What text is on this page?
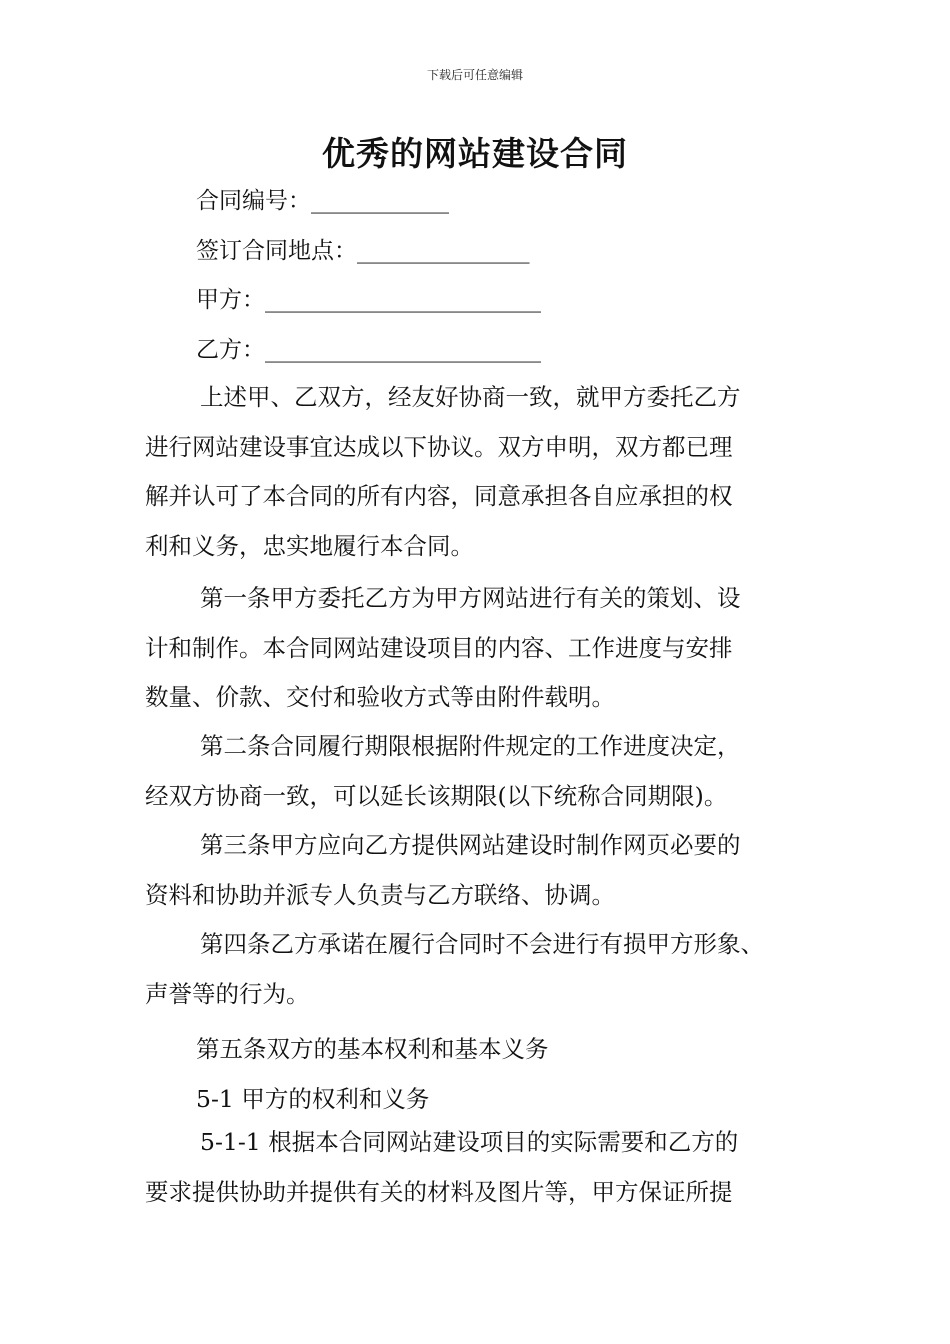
下载后可任意编辑
优秀的网站建设合同
合同编号：____________
签订合同地点：_______________
甲方：________________________
乙方：________________________
上述甲、乙双方，经友好协商一致，就甲方委托乙方
进行网站建设事宜达成以下协议。双方申明，双方都已理
解并认可了本合同的所有内容，同意承担各自应承担的权
利和义务，忠实地履行本合同。
第一条甲方委托乙方为甲方网站进行有关的策划、设
计和制作。本合同网站建设项目的内容、工作进度与安排
数量、价款、交付和验收方式等由附件载明。
第二条合同履行期限根据附件规定的工作进度决定，
经双方协商一致，可以延长该期限(以下统称合同期限)。
第三条甲方应向乙方提供网站建设时制作网页必要的
资料和协助并派专人负责与乙方联络、协调。
第四条乙方承诺在履行合同时不会进行有损甲方形象、
声誉等的行为。
第五条双方的基本权利和基本义务
5-1 甲方的权利和义务
5-1-1 根据本合同网站建设项目的实际需要和乙方的
要求提供协助并提供有关的材料及图片等，甲方保证所提
